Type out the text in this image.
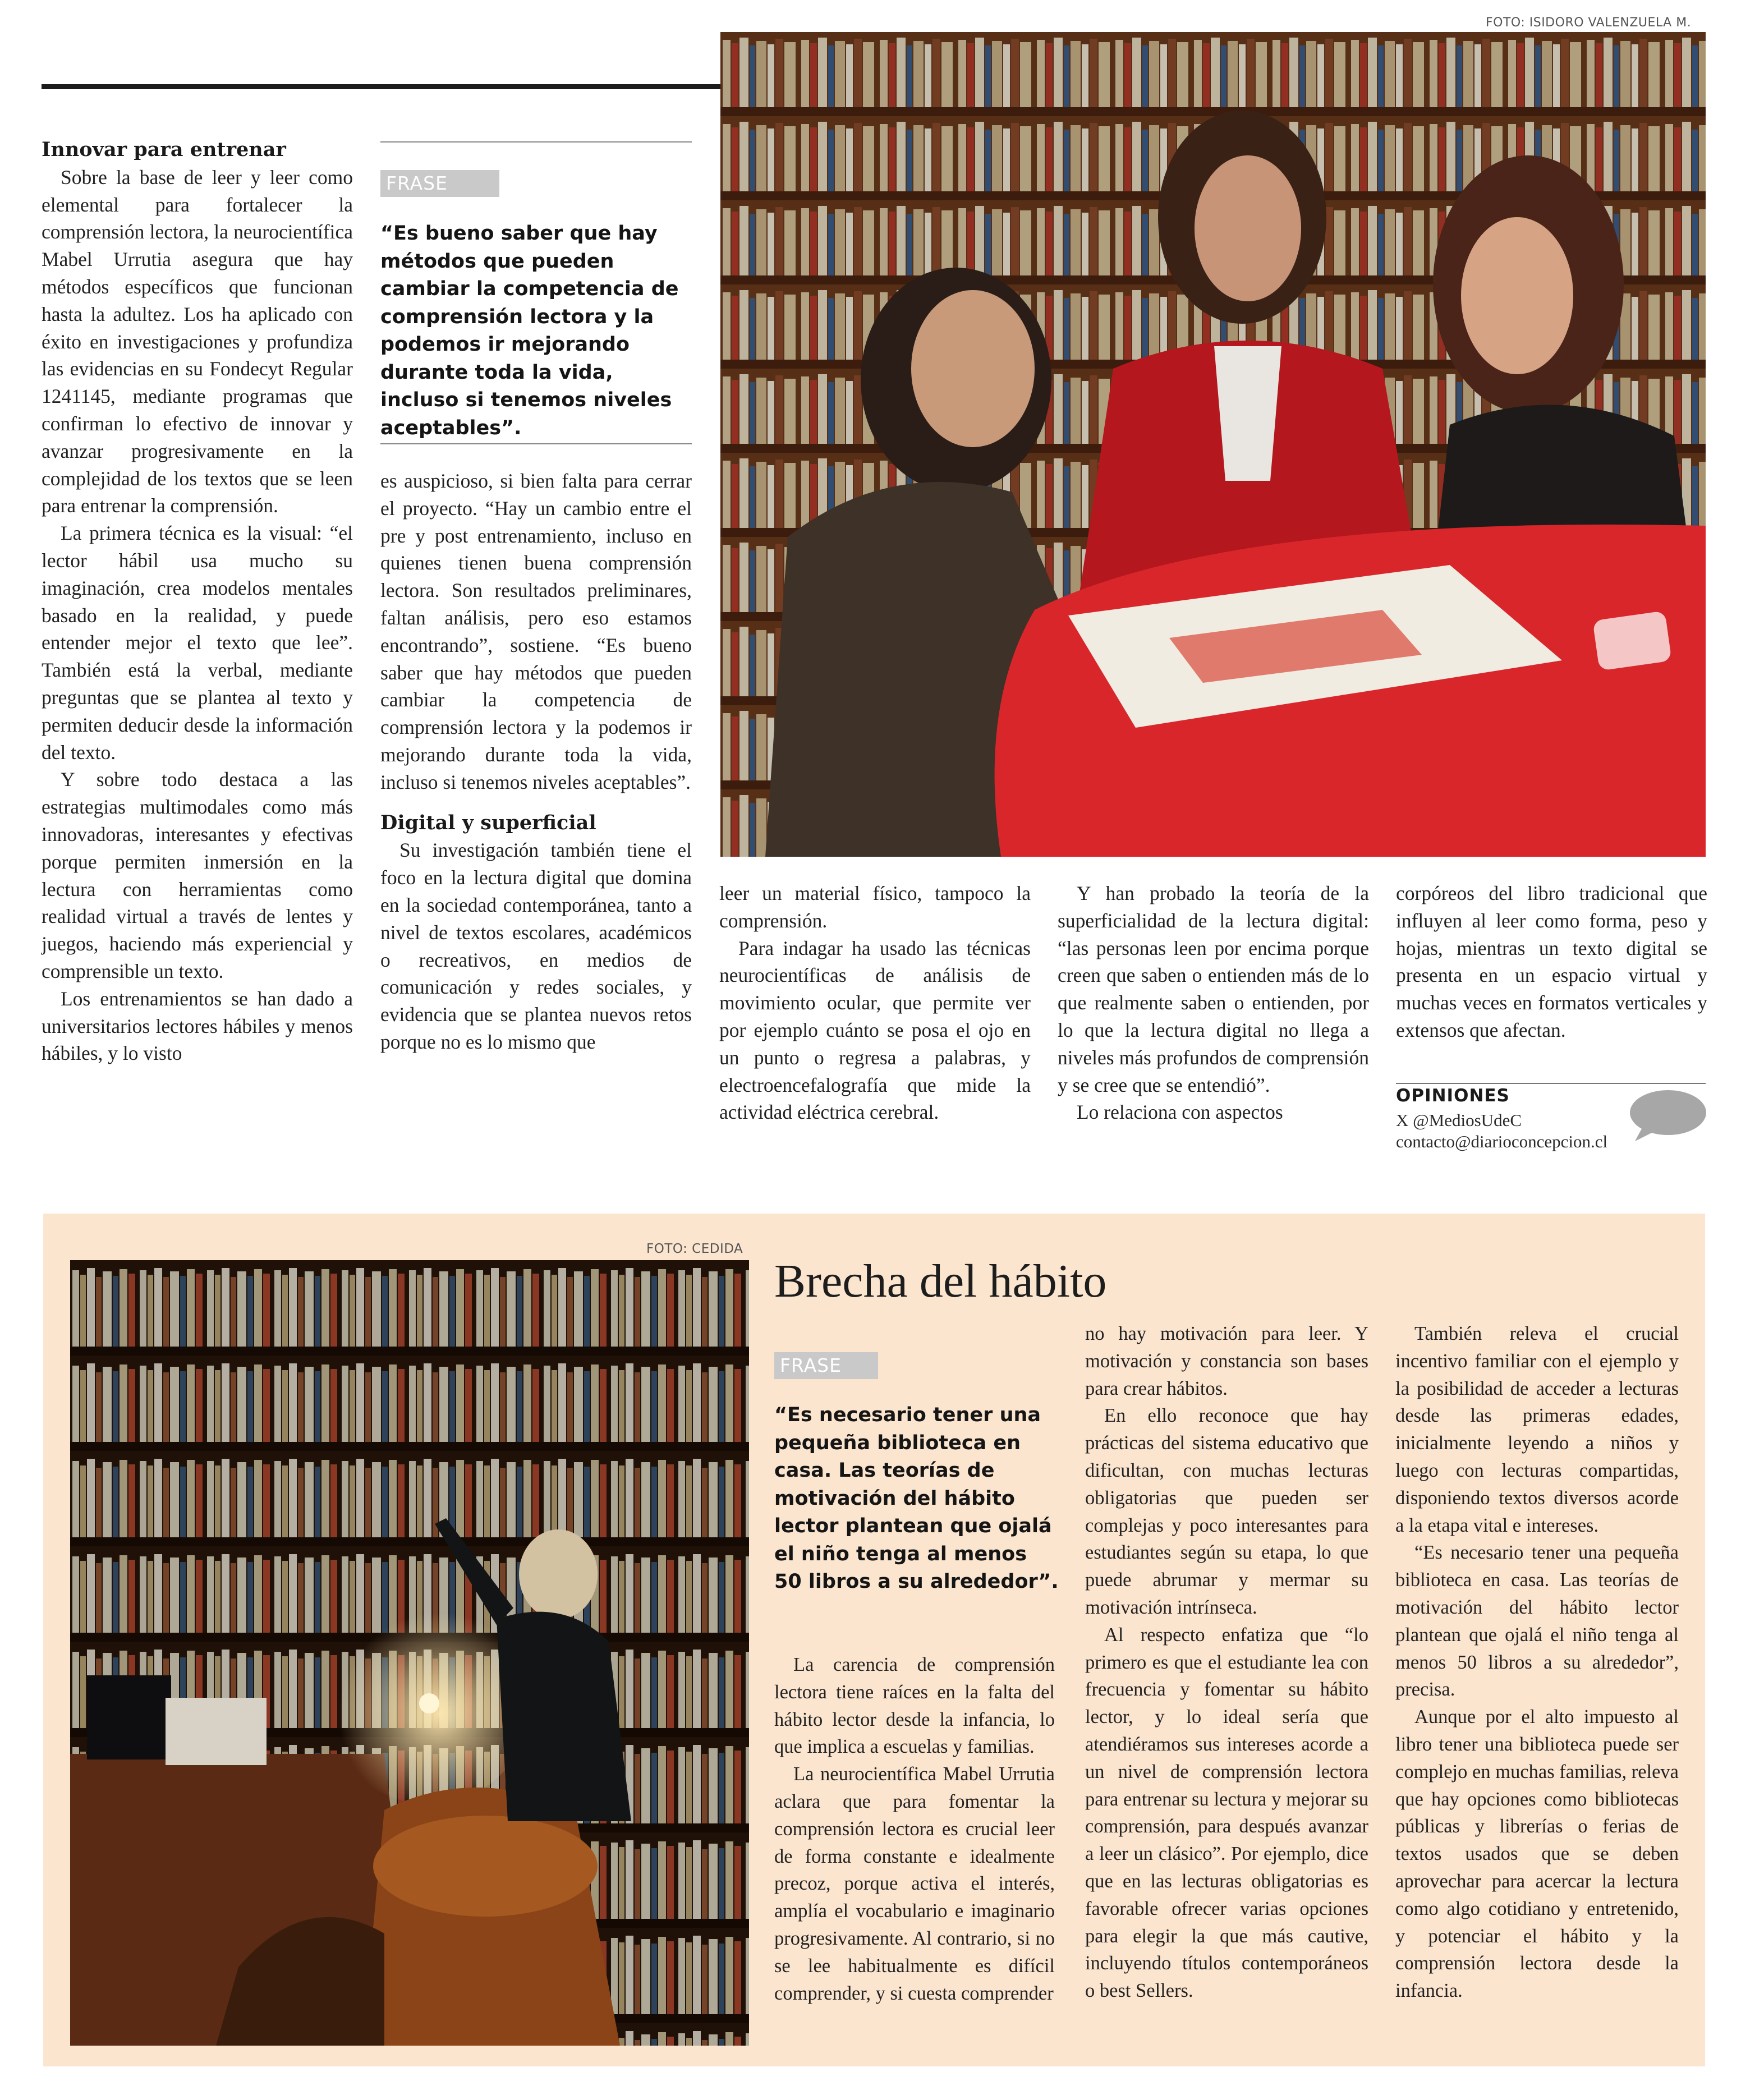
FOTO: ISIDORO VALENZUELA M.
Innovar para entrenar

Sobre la base de leer y leer como elemental para fortalecer la comprensión lectora, la neurocientífica Mabel Urrutia asegura que hay métodos específicos que funcionan hasta la adultez. Los ha aplicado con éxito en investigaciones y profundiza las evidencias en su Fondecyt Regular 1241145, mediante programas que confirman lo efectivo de innovar y avanzar progresivamente en la complejidad de los textos que se leen para entrenar la comprensión.

La primera técnica es la visual: “el lector hábil usa mucho su imaginación, crea modelos mentales basado en la realidad, y puede entender mejor el texto que lee”. También está la verbal, mediante preguntas que se plantea al texto y permiten deducir desde la información del texto.

Y sobre todo destaca a las estrategias multimodales como más innovadoras, interesantes y efectivas porque permiten inmersión en la lectura con herramientas como realidad virtual a través de lentes y juegos, haciendo más experiencial y comprensible un texto.

Los entrenamientos se han dado a universitarios lectores hábiles y menos hábiles, y lo visto

FRASE
“Es bueno saber que hay métodos que pueden cambiar la competencia de comprensión lectora y la podemos ir mejorando durante toda la vida, incluso si tenemos niveles aceptables”.

es auspicioso, si bien falta para cerrar el proyecto. “Hay un cambio entre el pre y post entrenamiento, incluso en quienes tienen buena comprensión lectora. Son resultados preliminares, faltan análisis, pero eso estamos encontrando”, sostiene. “Es bueno saber que hay métodos que pueden cambiar la competencia de comprensión lectora y la podemos ir mejorando durante toda la vida, incluso si tenemos niveles aceptables”.

Digital y superficial

Su investigación también tiene el foco en la lectura digital que domina en la sociedad contemporánea, tanto a nivel de textos escolares, académicos o recreativos, en medios de comunicación y redes sociales, y evidencia que se plantea nuevos retos porque no es lo mismo que

leer un material físico, tampoco la comprensión.

Para indagar ha usado las técnicas neurocientíficas de análisis de movimiento ocular, que permite ver por ejemplo cuánto se posa el ojo en un punto o regresa a palabras, y electroencefalografía que mide la actividad eléctrica cerebral.

Y han probado la teoría de la superficialidad de la lectura digital: “las personas leen por encima porque creen que saben o entienden más de lo que realmente saben o entienden, por lo que la lectura digital no llega a niveles más profundos de comprensión y se cree que se entendió”.

Lo relaciona con aspectos

corpóreos del libro tradicional que influyen al leer como forma, peso y hojas, mientras un texto digital se presenta en un espacio virtual y muchas veces en formatos verticales y extensos que afectan.

OPINIONES
X @MediosUdeC
contacto@diarioconcepcion.cl
FOTO: CEDIDA
Brecha del hábito
FRASE
“Es necesario tener una pequeña biblioteca en casa. Las teorías de motivación del hábito lector plantean que ojalá el niño tenga al menos 50 libros a su alrededor”.

La carencia de comprensión lectora tiene raíces en la falta del hábito lector desde la infancia, lo que implica a escuelas y familias.

La neurocientífica Mabel Urrutia aclara que para fomentar la comprensión lectora es crucial leer de forma constante e idealmente precoz, porque activa el interés, amplía el vocabulario e imaginario progresivamente. Al contrario, si no se lee habitualmente es difícil comprender, y si cuesta comprender

no hay motivación para leer. Y motivación y constancia son bases para crear hábitos.

En ello reconoce que hay prácticas del sistema educativo que dificultan, con muchas lecturas obligatorias que pueden ser complejas y poco interesantes para estudiantes según su etapa, lo que puede abrumar y mermar su motivación intrínseca.

Al respecto enfatiza que “lo primero es que el estudiante lea con frecuencia y fomentar su hábito lector, y lo ideal sería que atendiéramos sus intereses acorde a un nivel de comprensión lectora para entrenar su lectura y mejorar su comprensión, para después avanzar a leer un clásico”. Por ejemplo, dice que en las lecturas obligatorias es favorable ofrecer varias opciones para elegir la que más cautive, incluyendo títulos contemporáneos o best Sellers.

También releva el crucial incentivo familiar con el ejemplo y la posibilidad de acceder a lecturas desde las primeras edades, inicialmente leyendo a niños y luego con lecturas compartidas, disponiendo textos diversos acorde a la etapa vital e intereses.

“Es necesario tener una pequeña biblioteca en casa. Las teorías de motivación del hábito lector plantean que ojalá el niño tenga al menos 50 libros a su alrededor”, precisa.

Aunque por el alto impuesto al libro tener una biblioteca puede ser complejo en muchas familias, releva que hay opciones como bibliotecas públicas y librerías o ferias de textos usados que se deben aprovechar para acercar la lectura como algo cotidiano y entretenido, y potenciar el hábito y la comprensión lectora desde la infancia.
